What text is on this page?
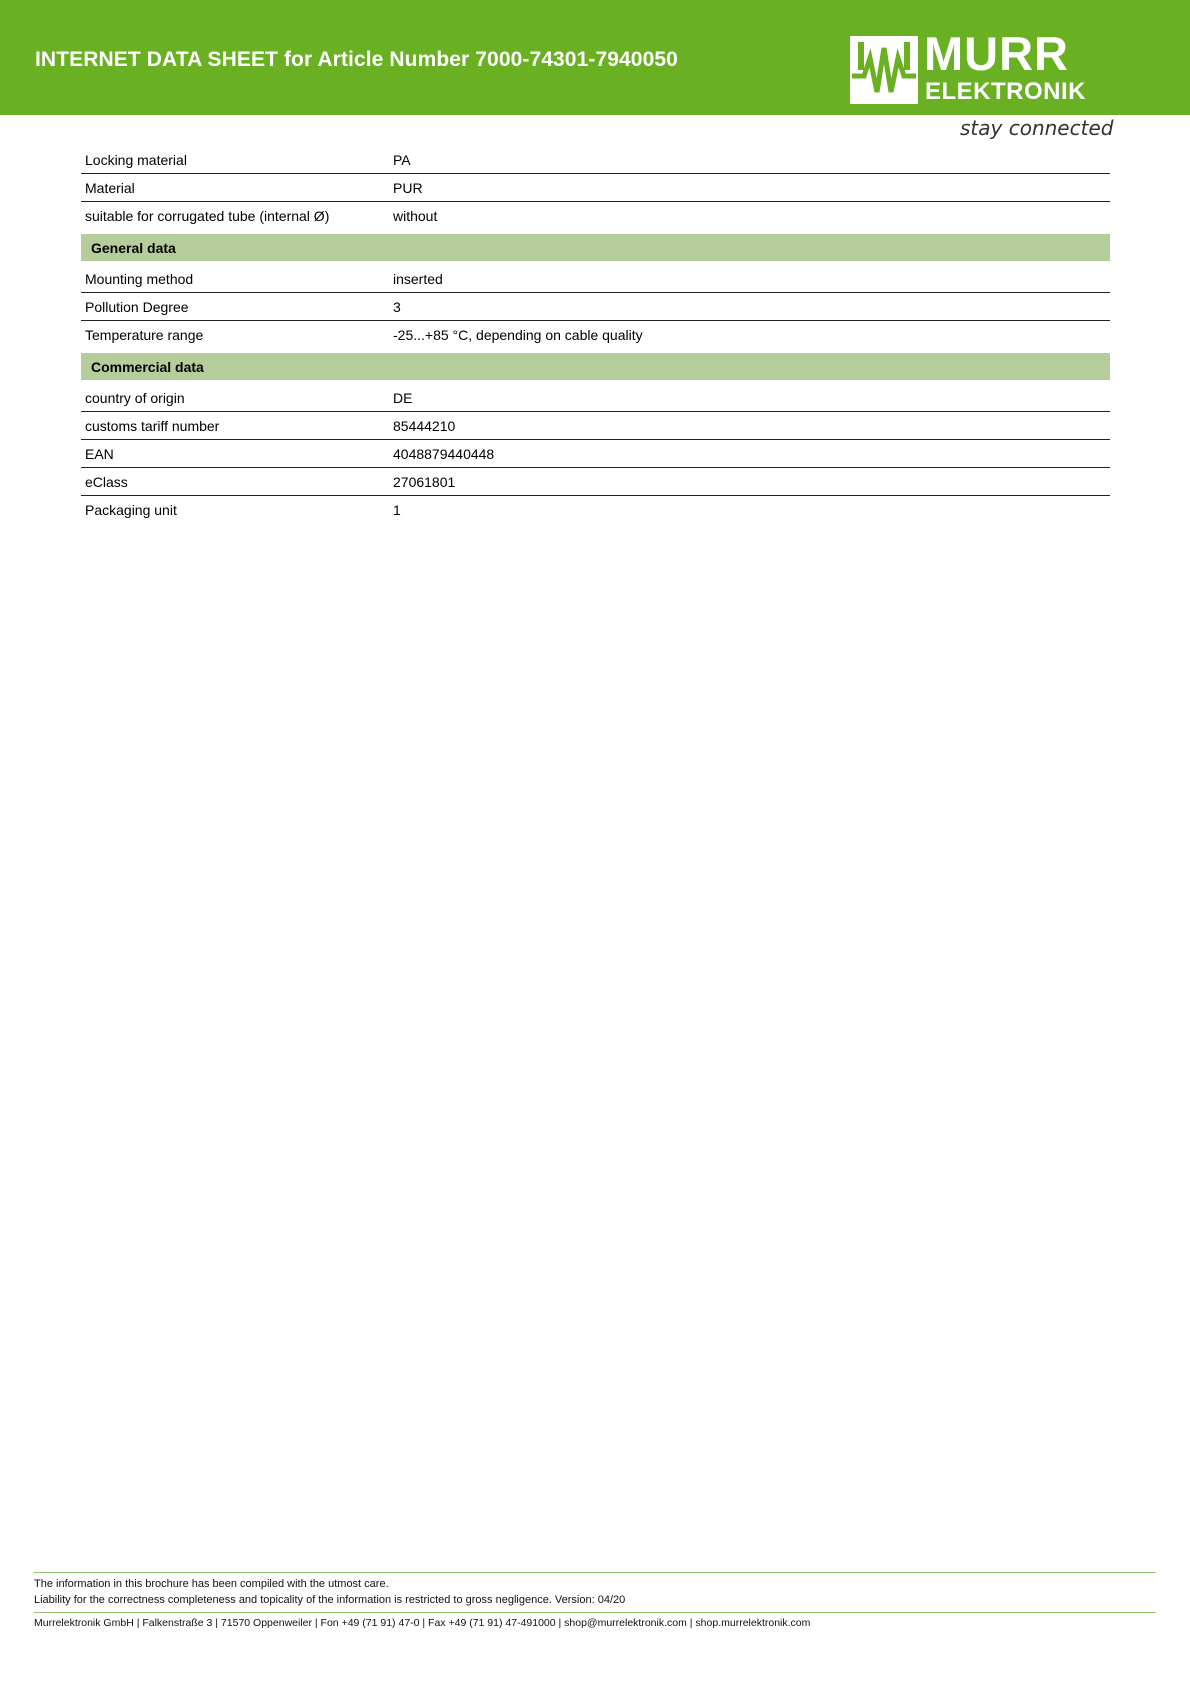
INTERNET DATA SHEET for Article Number 7000-74301-7940050	MURR
ELEKTRONIK
stay connected
Locking material	PA
Material	PUR
suitable for corrugated tube (internal Ø)	without
General data
Mounting method	inserted
Pollution Degree	3
Temperature range	-25...+85 °C, depending on cable quality
Commercial data
country of origin	DE
customs tariff number	85444210
EAN	4048879440448
eClass	27061801
Packaging unit	1
The information in this brochure has been compiled with the utmost care.
Liability for the correctness completeness and topicality of the information is restricted to gross negligence. Version: 04/20
Murrelektronik GmbH | Falkenstraße 3 | 71570 Oppenweiler | Fon +49 (71 91) 47-0 | Fax +49 (71 91) 47-491000 | shop@murrelektronik.com | shop.murrelektronik.com
